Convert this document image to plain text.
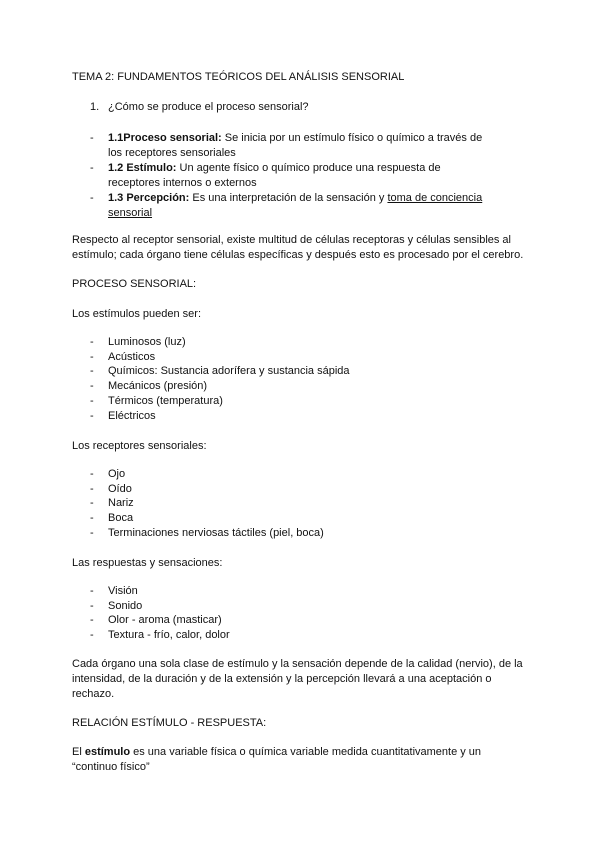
TEMA 2: FUNDAMENTOS TEÓRICOS DEL ANÁLISIS SENSORIAL
1. ¿Cómo se produce el proceso sensorial?
- 1.1Proceso sensorial: Se inicia por un estímulo físico o químico a través de los receptores sensoriales
- 1.2 Estímulo: Un agente físico o químico produce una respuesta de receptores internos o externos
- 1.3 Percepción: Es una interpretación de la sensación y toma de conciencia sensorial
Respecto al receptor sensorial, existe multitud de células receptoras y células sensibles al estímulo; cada órgano tiene células específicas y después esto es procesado por el cerebro.
PROCESO SENSORIAL:
Los estímulos pueden ser:
- Luminosos (luz)
- Acústicos
- Químicos: Sustancia adorífera y sustancia sápida
- Mecánicos (presión)
- Térmicos (temperatura)
- Eléctricos
Los receptores sensoriales:
- Ojo
- Oído
- Nariz
- Boca
- Terminaciones nerviosas táctiles (piel, boca)
Las respuestas y sensaciones:
- Visión
- Sonido
- Olor - aroma (masticar)
- Textura - frío, calor, dolor
Cada órgano una sola clase de estímulo y la sensación depende de la calidad (nervio), de la intensidad, de la duración y de la extensión y la percepción llevará a una aceptación o rechazo.
RELACIÓN ESTÍMULO - RESPUESTA:
El estímulo es una variable física o química variable medida cuantitativamente y un “continuo físico”
